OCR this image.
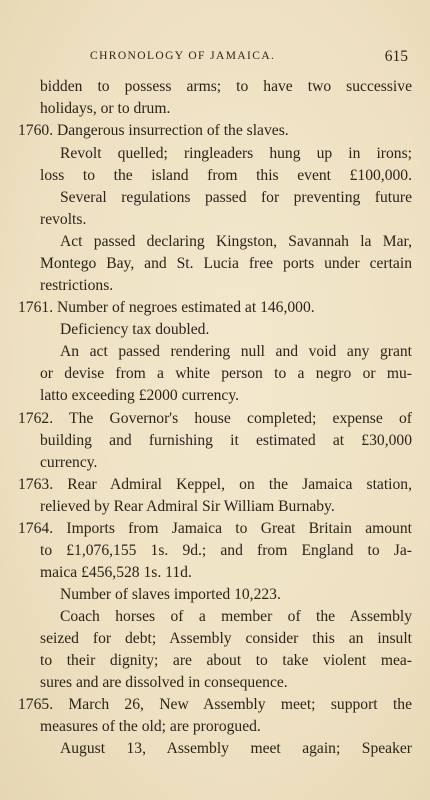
CHRONOLOGY OF JAMAICA.	615
bidden to possess arms; to have two successive
holidays, or to drum.
1760. Dangerous insurrection of the slaves.
Revolt quelled; ringleaders hung up in irons;
loss to the island from this event £100,000.
Several regulations passed for preventing future
revolts.
Act passed declaring Kingston, Savannah la Mar,
Montego Bay, and St. Lucia free ports under certain
restrictions.
1761. Number of negroes estimated at 146,000.
Deficiency tax doubled.
An act passed rendering null and void any grant
or devise from a white person to a negro or mu-
latto exceeding £2000 currency.
1762. The Governor's house completed; expense of
building and furnishing it estimated at £30,000
currency.
1763. Rear Admiral Keppel, on the Jamaica station,
relieved by Rear Admiral Sir William Burnaby.
1764. Imports from Jamaica to Great Britain amount
to £1,076,155 1s. 9d.; and from England to Ja-
maica £456,528 1s. 11d.
Number of slaves imported 10,223.
Coach horses of a member of the Assembly
seized for debt; Assembly consider this an insult
to their dignity; are about to take violent mea-
sures and are dissolved in consequence.
1765. March 26, New Assembly meet; support the
measures of the old; are prorogued.
August 13, Assembly meet again; Speaker
